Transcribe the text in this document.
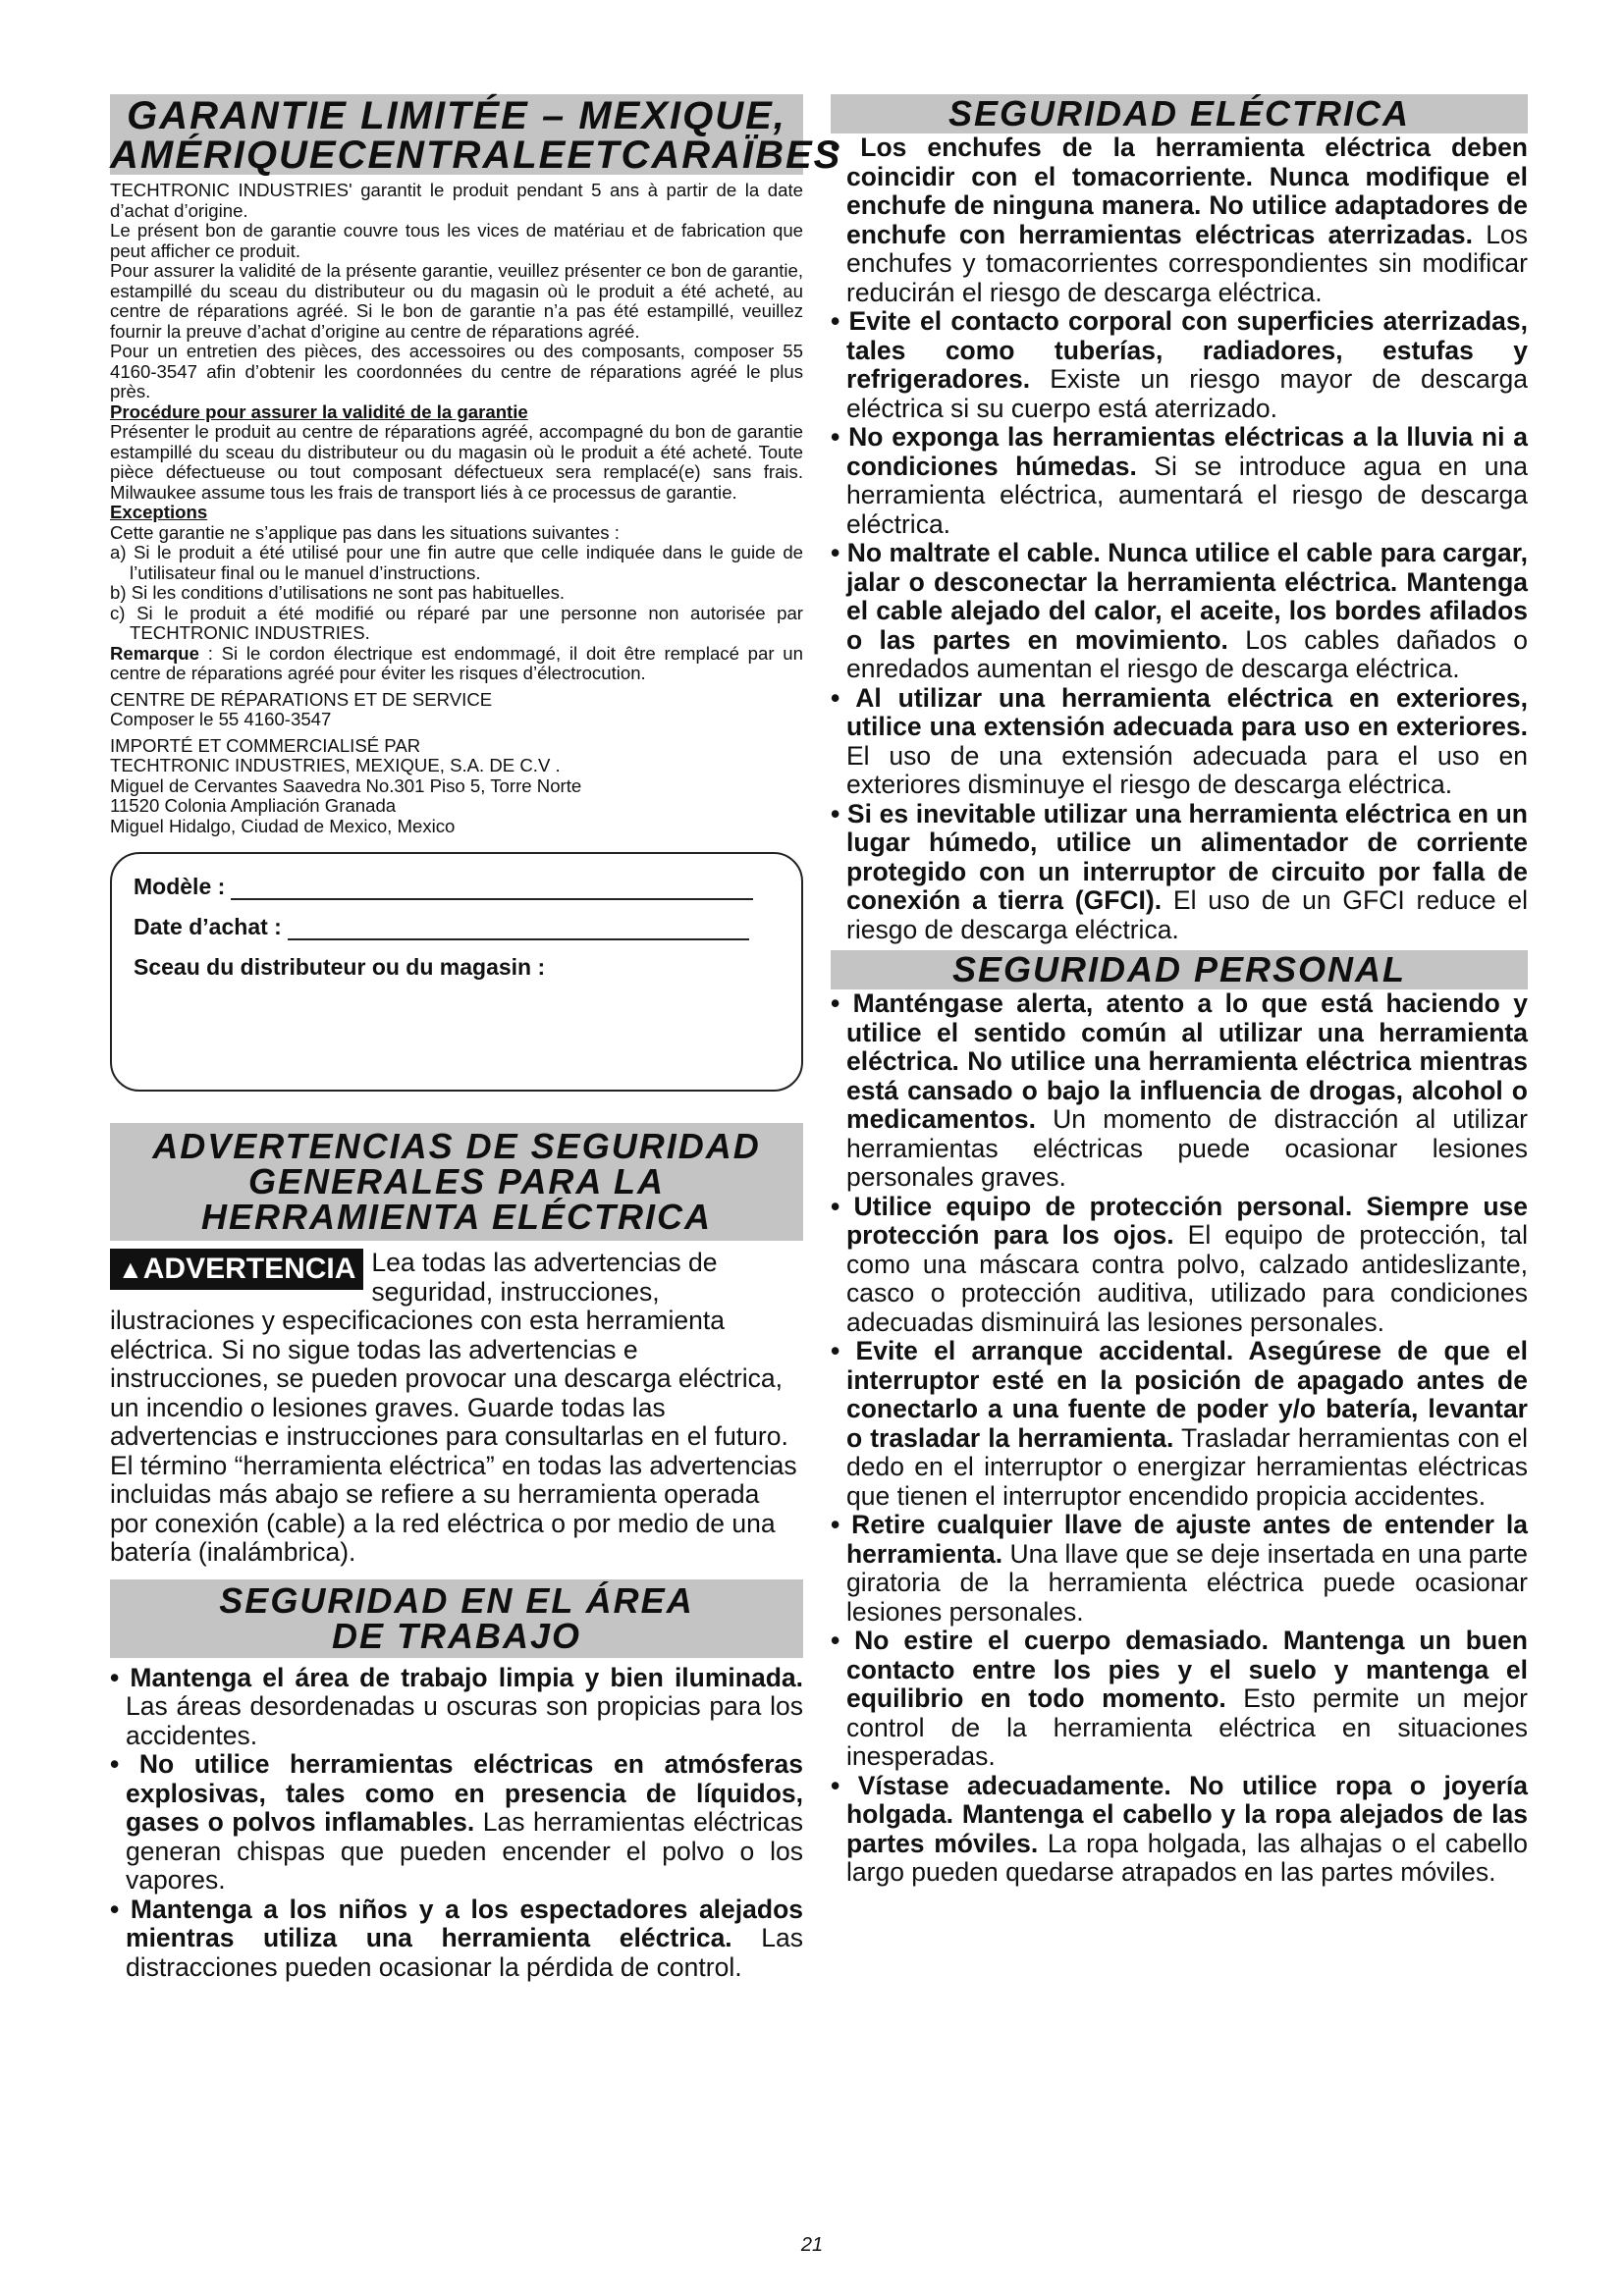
GARANTIE LIMITÉE – MEXIQUE,
AMÉRIQUECENTRALEETCARAÏBES

TECHTRONIC INDUSTRIES' garantit le produit pendant 5 ans à partir de la date d’achat d’origine.

Le présent bon de garantie couvre tous les vices de matériau et de fabrication que peut afficher ce produit.

Pour assurer la validité de la présente garantie, veuillez présenter ce bon de garantie, estampillé du sceau du distributeur ou du magasin où le produit a été acheté, au centre de réparations agréé. Si le bon de garantie n’a pas été estampillé, veuillez fournir la preuve d’achat d’origine au centre de réparations agréé.

Pour un entretien des pièces, des accessoires ou des composants, composer 55 4160-3547 afin d’obtenir les coordonnées du centre de réparations agréé le plus près.

Procédure pour assurer la validité de la garantie

Présenter le produit au centre de réparations agréé, accompagné du bon de garantie estampillé du sceau du distributeur ou du magasin où le produit a été acheté. Toute pièce défectueuse ou tout composant défectueux sera remplacé(e) sans frais. Milwaukee assume tous les frais de transport liés à ce processus de garantie.

Exceptions

Cette garantie ne s’applique pas dans les situations suivantes :

a) Si le produit a été utilisé pour une fin autre que celle indiquée dans le guide de l’utilisateur final ou le manuel d’instructions.

b) Si les conditions d’utilisations ne sont pas habituelles.

c) Si le produit a été modifié ou réparé par une personne non autorisée par TECHTRONIC INDUSTRIES.

Remarque : Si le cordon électrique est endommagé, il doit être remplacé par un centre de réparations agréé pour éviter les risques d’électrocution.

CENTRE DE RÉPARATIONS ET DE SERVICE

Composer le 55 4160-3547

IMPORTÉ ET COMMERCIALISÉ PAR

TECHTRONIC INDUSTRIES, MEXIQUE, S.A. DE C.V .

Miguel de Cervantes Saavedra No.301 Piso 5, Torre Norte

11520 Colonia Ampliación Granada

Miguel Hidalgo, Ciudad de Mexico, Mexico

Modèle :
Date d’achat :
Sceau du distributeur ou du magasin :
ADVERTENCIAS DE SEGURIDAD
GENERALES PARA LA
HERRAMIENTA ELÉCTRICA

▲ADVERTENCIA Lea todas las advertencias de seguridad, instrucciones, ilustraciones y especificaciones con esta herramienta eléctrica. Si no sigue todas las advertencias e instrucciones, se pueden provocar una descarga eléctrica, un incendio o lesiones graves. Guarde todas las advertencias e instrucciones para consultarlas en el futuro. El término “herramienta eléctrica” en todas las advertencias incluidas más abajo se refiere a su herramienta operada por conexión (cable) a la red eléctrica o por medio de una batería (inalámbrica).

SEGURIDAD EN EL ÁREA
DE TRABAJO

• Mantenga el área de trabajo limpia y bien iluminada. Las áreas desordenadas u oscuras son propicias para los accidentes.

• No utilice herramientas eléctricas en atmósferas explosivas, tales como en presencia de líquidos, gases o polvos inflamables. Las herramientas eléctricas generan chispas que pueden encender el polvo o los vapores.

• Mantenga a los niños y a los espectadores alejados mientras utiliza una herramienta eléctrica. Las distracciones pueden ocasionar la pérdida de control.

SEGURIDAD ELÉCTRICA

• Los enchufes de la herramienta eléctrica deben coincidir con el tomacorriente. Nunca modifique el enchufe de ninguna manera. No utilice adaptadores de enchufe con herramientas eléctricas aterrizadas. Los enchufes y tomacorrientes correspondientes sin modificar reducirán el riesgo de descarga eléctrica.

• Evite el contacto corporal con superficies aterrizadas, tales como tuberías, radiadores, estufas y refrigeradores. Existe un riesgo mayor de descarga eléctrica si su cuerpo está aterrizado.

• No exponga las herramientas eléctricas a la lluvia ni a condiciones húmedas. Si se introduce agua en una herramienta eléctrica, aumentará el riesgo de descarga eléctrica.

• No maltrate el cable. Nunca utilice el cable para cargar, jalar o desconectar la herramienta eléctrica. Mantenga el cable alejado del calor, el aceite, los bordes afilados o las partes en movimiento. Los cables dañados o enredados aumentan el riesgo de descarga eléctrica.

• Al utilizar una herramienta eléctrica en exteriores, utilice una extensión adecuada para uso en exteriores. El uso de una extensión adecuada para el uso en exteriores disminuye el riesgo de descarga eléctrica.

• Si es inevitable utilizar una herramienta eléctrica en un lugar húmedo, utilice un alimentador de corriente protegido con un interruptor de circuito por falla de conexión a tierra (GFCI). El uso de un GFCI reduce el riesgo de descarga eléctrica.

SEGURIDAD PERSONAL

• Manténgase alerta, atento a lo que está haciendo y utilice el sentido común al utilizar una herramienta eléctrica. No utilice una herramienta eléctrica mientras está cansado o bajo la influencia de drogas, alcohol o medicamentos. Un momento de distracción al utilizar herramientas eléctricas puede ocasionar lesiones personales graves.

• Utilice equipo de protección personal. Siempre use protección para los ojos. El equipo de protección, tal como una máscara contra polvo, calzado antideslizante, casco o protección auditiva, utilizado para condiciones adecuadas disminuirá las lesiones personales.

• Evite el arranque accidental. Asegúrese de que el interruptor esté en la posición de apagado antes de conectarlo a una fuente de poder y/o batería, levantar o trasladar la herramienta. Trasladar herramientas con el dedo en el interruptor o energizar herramientas eléctricas que tienen el interruptor encendido propicia accidentes.

• Retire cualquier llave de ajuste antes de entender la herramienta. Una llave que se deje insertada en una parte giratoria de la herramienta eléctrica puede ocasionar lesiones personales.

• No estire el cuerpo demasiado. Mantenga un buen contacto entre los pies y el suelo y mantenga el equilibrio en todo momento. Esto permite un mejor control de la herramienta eléctrica en situaciones inesperadas.

• Vístase adecuadamente. No utilice ropa o joyería holgada. Mantenga el cabello y la ropa alejados de las partes móviles. La ropa holgada, las alhajas o el cabello largo pueden quedarse atrapados en las partes móviles.

21
